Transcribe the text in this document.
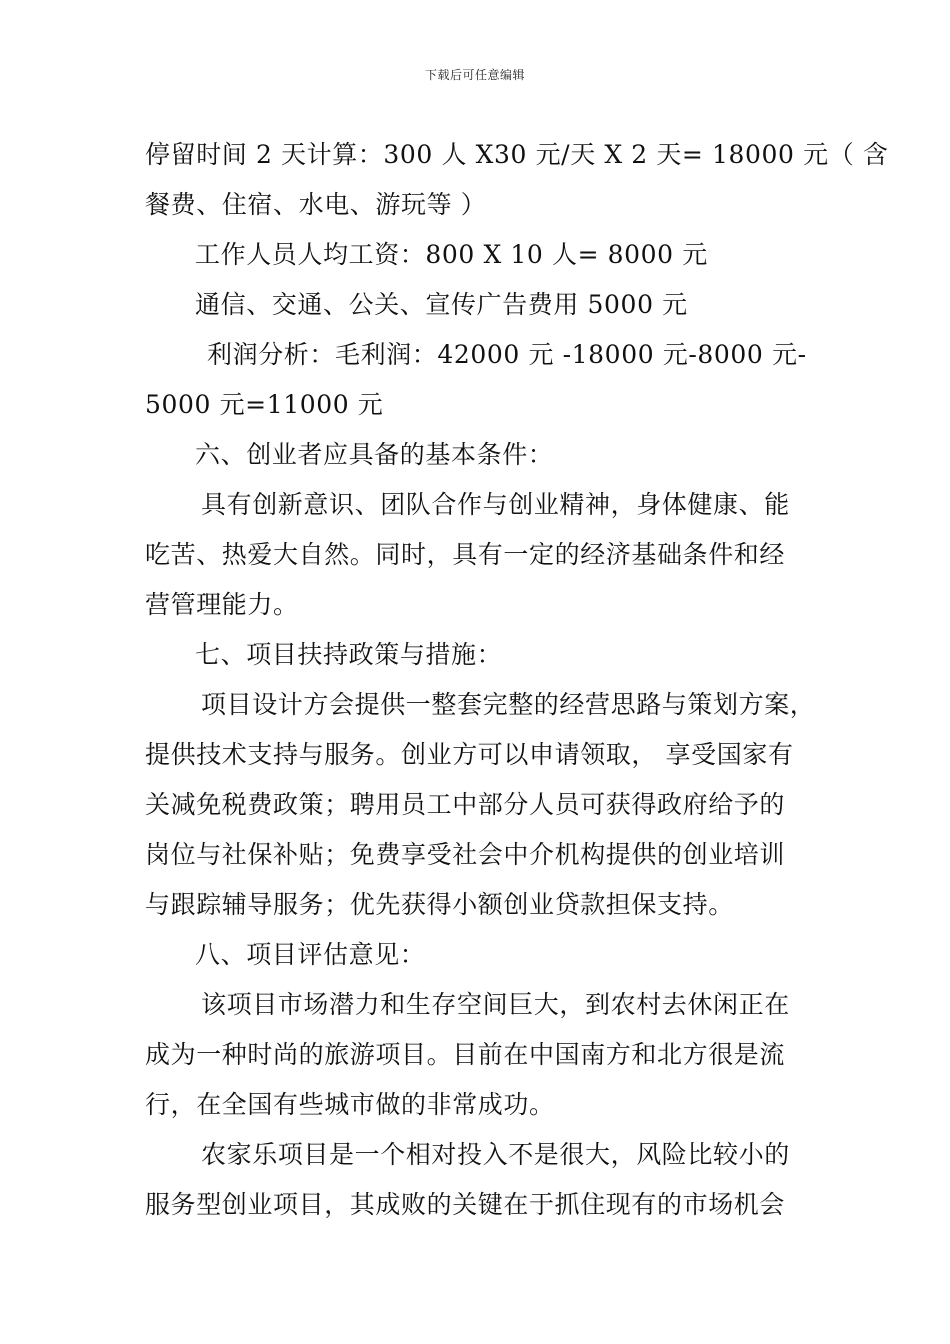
下载后可任意编辑
停留时间 2 天计算：300 人 X30 元/天 X 2 天= 18000 元（ 含
餐费、住宿、水电、游玩等 ）
工作人员人均工资：800 X 10 人= 8000 元
通信、交通、公关、宣传广告费用 5000 元
利润分析：毛利润：42000 元 -18000 元-8000 元-
5000 元=11000 元
六、创业者应具备的基本条件：
具有创新意识、团队合作与创业精神，身体健康、能
吃苦、热爱大自然。同时，具有一定的经济基础条件和经
营管理能力。
七、项目扶持政策与措施：
项目设计方会提供一整套完整的经营思路与策划方案，
提供技术支持与服务。创业方可以申请领取， 享受国家有
关减免税费政策；聘用员工中部分人员可获得政府给予的
岗位与社保补贴；免费享受社会中介机构提供的创业培训
与跟踪辅导服务；优先获得小额创业贷款担保支持。
八、项目评估意见：
该项目市场潜力和生存空间巨大，到农村去休闲正在
成为一种时尚的旅游项目。目前在中国南方和北方很是流
行，在全国有些城市做的非常成功。
农家乐项目是一个相对投入不是很大，风险比较小的
服务型创业项目，其成败的关键在于抓住现有的市场机会
